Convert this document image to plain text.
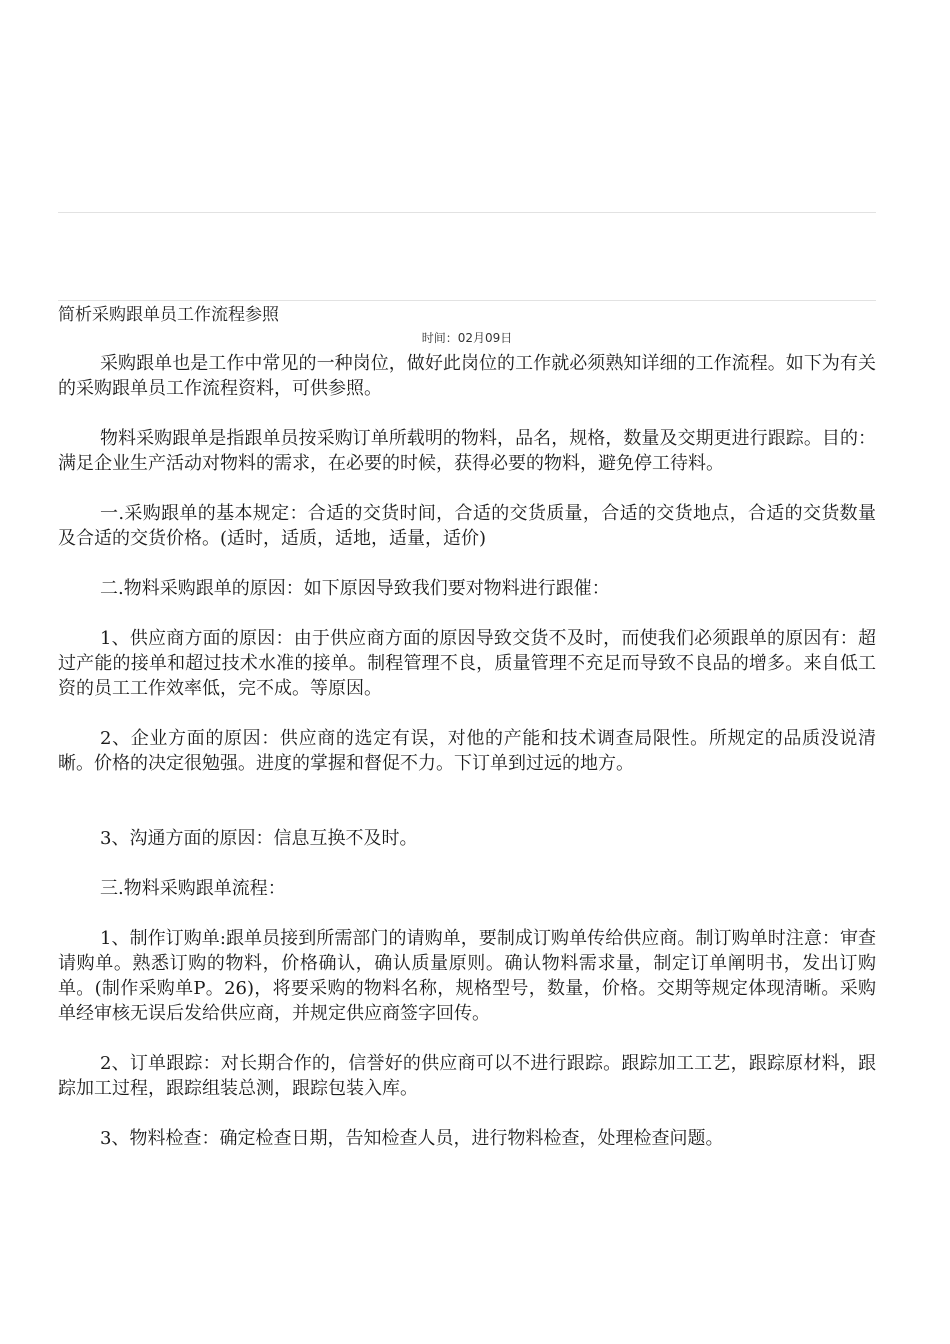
简析采购跟单员工作流程参照
时间：02月09日

采购跟单也是工作中常见的一种岗位，做好此岗位的工作就必须熟知详细的工作流程。如下为有关的采购跟单员工作流程资料，可供参照。

物料采购跟单是指跟单员按采购订单所载明的物料，品名，规格，数量及交期更进行跟踪。目的：满足企业生产活动对物料的需求，在必要的时候，获得必要的物料，避免停工待料。

一.采购跟单的基本规定：合适的交货时间，合适的交货质量，合适的交货地点，合适的交货数量及合适的交货价格。(适时，适质，适地，适量，适价)

二.物料采购跟单的原因：如下原因导致我们要对物料进行跟催：

1、供应商方面的原因：由于供应商方面的原因导致交货不及时，而使我们必须跟单的原因有：超过产能的接单和超过技术水准的接单。制程管理不良，质量管理不充足而导致不良品的增多。来自低工资的员工工作效率低，完不成。等原因。

2、企业方面的原因：供应商的选定有误，对他的产能和技术调查局限性。所规定的品质没说清晰。价格的决定很勉强。进度的掌握和督促不力。下订单到过远的地方。

3、沟通方面的原因：信息互换不及时。

三.物料采购跟单流程：

1、制作订购单:跟单员接到所需部门的请购单，要制成订购单传给供应商。制订购单时注意：审查请购单。熟悉订购的物料，价格确认，确认质量原则。确认物料需求量，制定订单阐明书，发出订购单。(制作采购单P。26)，将要采购的物料名称，规格型号，数量，价格。交期等规定体现清晰。采购单经审核无误后发给供应商，并规定供应商签字回传。

2、订单跟踪：对长期合作的，信誉好的供应商可以不进行跟踪。跟踪加工工艺，跟踪原材料，跟踪加工过程，跟踪组装总测，跟踪包装入库。

3、物料检查：确定检查日期，告知检查人员，进行物料检查，处理检查问题。
